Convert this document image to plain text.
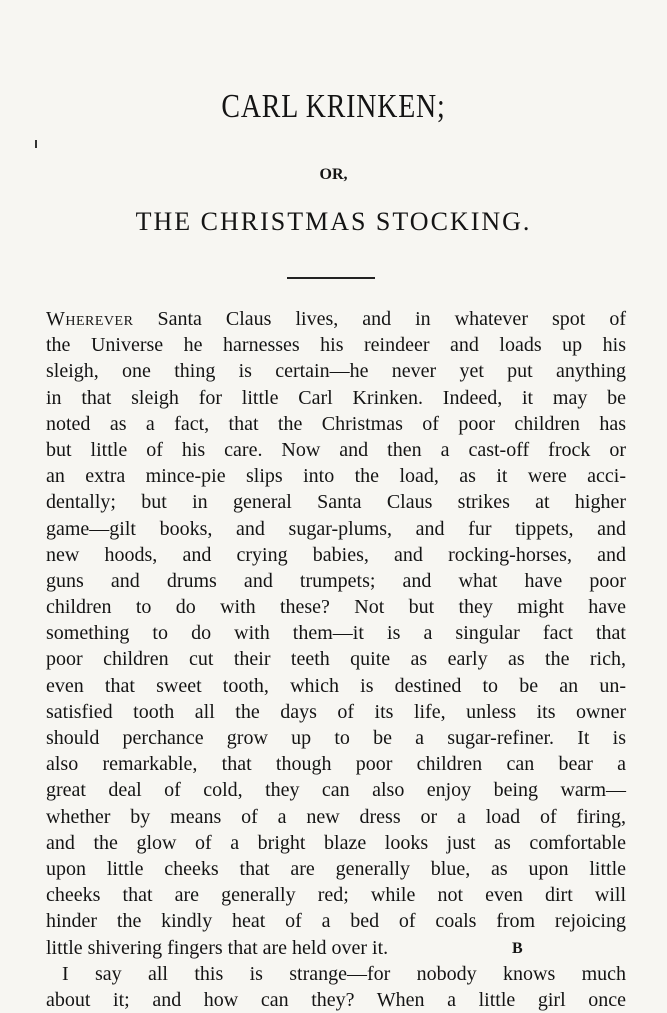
CARL KRINKEN;
OR,
THE CHRISTMAS STOCKING.
Wherever Santa Claus lives, and in whatever spot of
the Universe he harnesses his reindeer and loads up his
sleigh, one thing is certain—he never yet put anything
in that sleigh for little Carl Krinken. Indeed, it may be
noted as a fact, that the Christmas of poor children has
but little of his care. Now and then a cast-off frock or
an extra mince-pie slips into the load, as it were acci-
dentally; but in general Santa Claus strikes at higher
game—gilt books, and sugar-plums, and fur tippets, and
new hoods, and crying babies, and rocking-horses, and
guns and drums and trumpets; and what have poor
children to do with these? Not but they might have
something to do with them—it is a singular fact that
poor children cut their teeth quite as early as the rich,
even that sweet tooth, which is destined to be an un-
satisfied tooth all the days of its life, unless its owner
should perchance grow up to be a sugar-refiner. It is
also remarkable, that though poor children can bear a
great deal of cold, they can also enjoy being warm—
whether by means of a new dress or a load of firing,
and the glow of a bright blaze looks just as comfortable
upon little cheeks that are generally blue, as upon little
cheeks that are generally red; while not even dirt will
hinder the kindly heat of a bed of coals from rejoicing
little shivering fingers that are held over it.
I say all this is strange—for nobody knows much
about it; and how can they? When a little girl once
B
